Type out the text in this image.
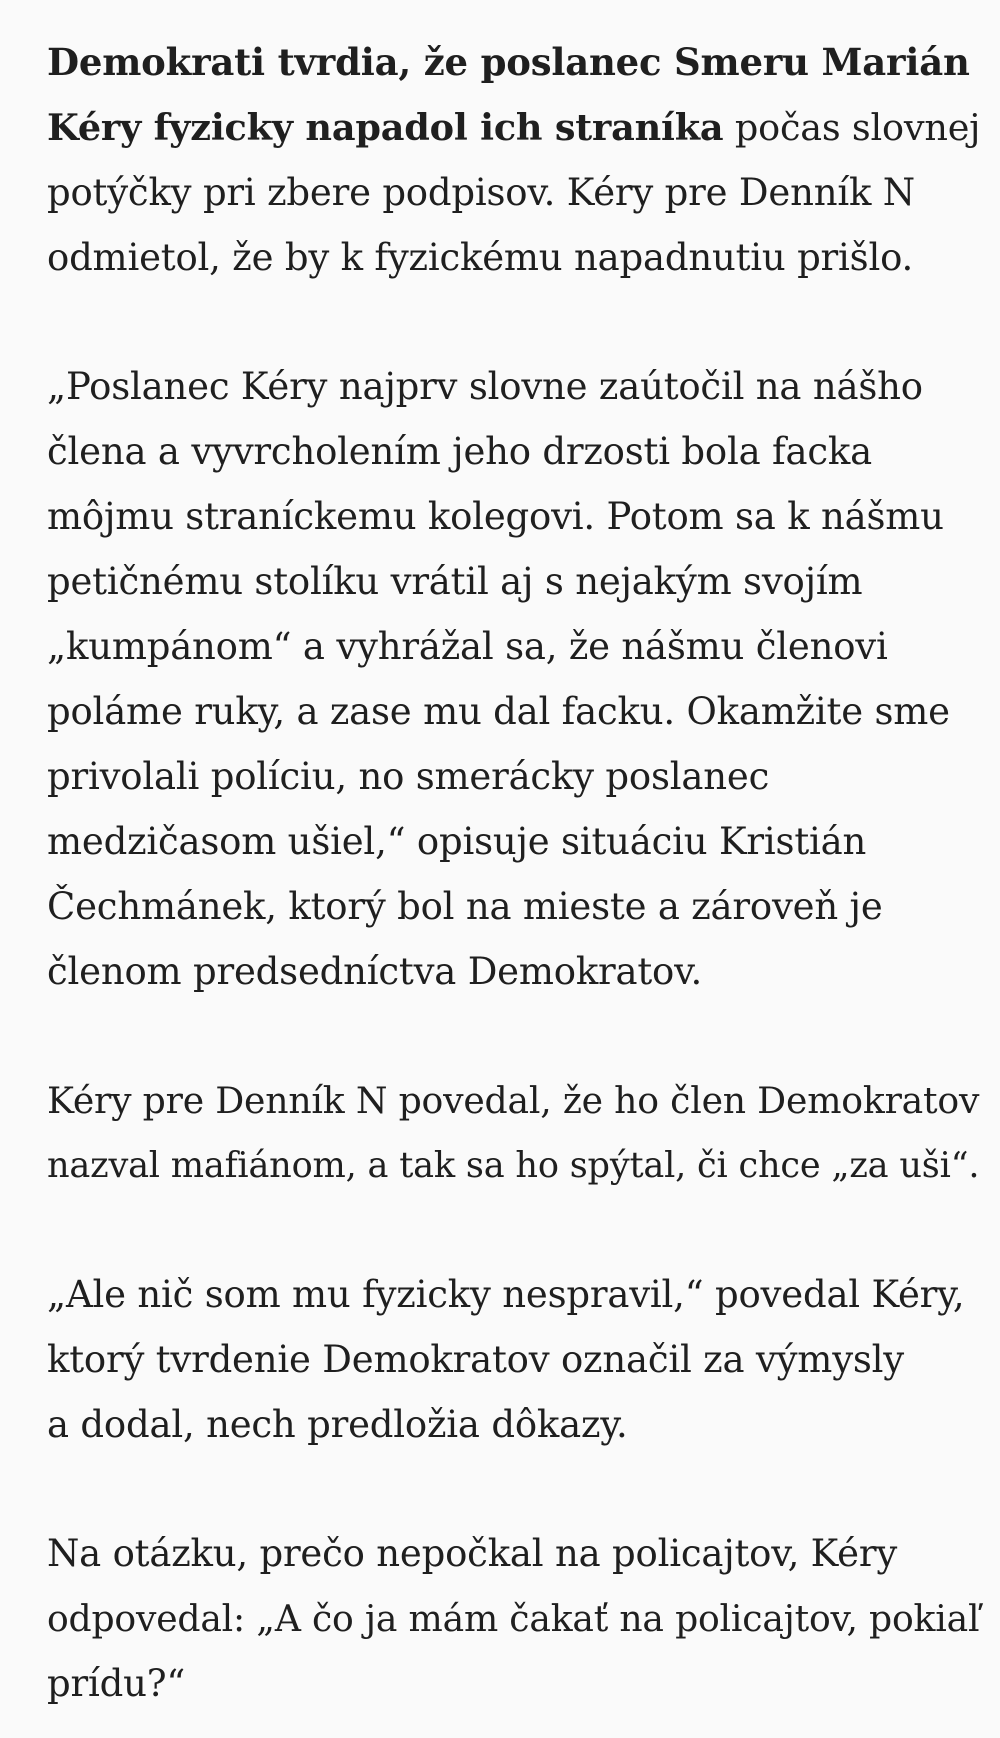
Demokrati tvrdia, že poslanec Smeru Marián
Kéry fyzicky napadol ich straníka počas slovnej
potýčky pri zbere podpisov. Kéry pre Denník N
odmietol, že by k fyzickému napadnutiu prišlo.

„Poslanec Kéry najprv slovne zaútočil na nášho
člena a vyvrcholením jeho drzosti bola facka
môjmu straníckemu kolegovi. Potom sa k nášmu
petičnému stolíku vrátil aj s nejakým svojím
„kumpánom“ a vyhrážal sa, že nášmu členovi
poláme ruky, a zase mu dal facku. Okamžite sme
privolali políciu, no smerácky poslanec
medzičasom ušiel,“ opisuje situáciu Kristián
Čechmánek, ktorý bol na mieste a zároveň je
členom predsedníctva Demokratov.

Kéry pre Denník N povedal, že ho člen Demokratov
nazval mafiánom, a tak sa ho spýtal, či chce „za uši“.

„Ale nič som mu fyzicky nespravil,“ povedal Kéry,
ktorý tvrdenie Demokratov označil za výmysly
a dodal, nech predložia dôkazy.

Na otázku, prečo nepočkal na policajtov, Kéry
odpovedal: „A čo ja mám čakať na policajtov, pokiaľ
prídu?“
